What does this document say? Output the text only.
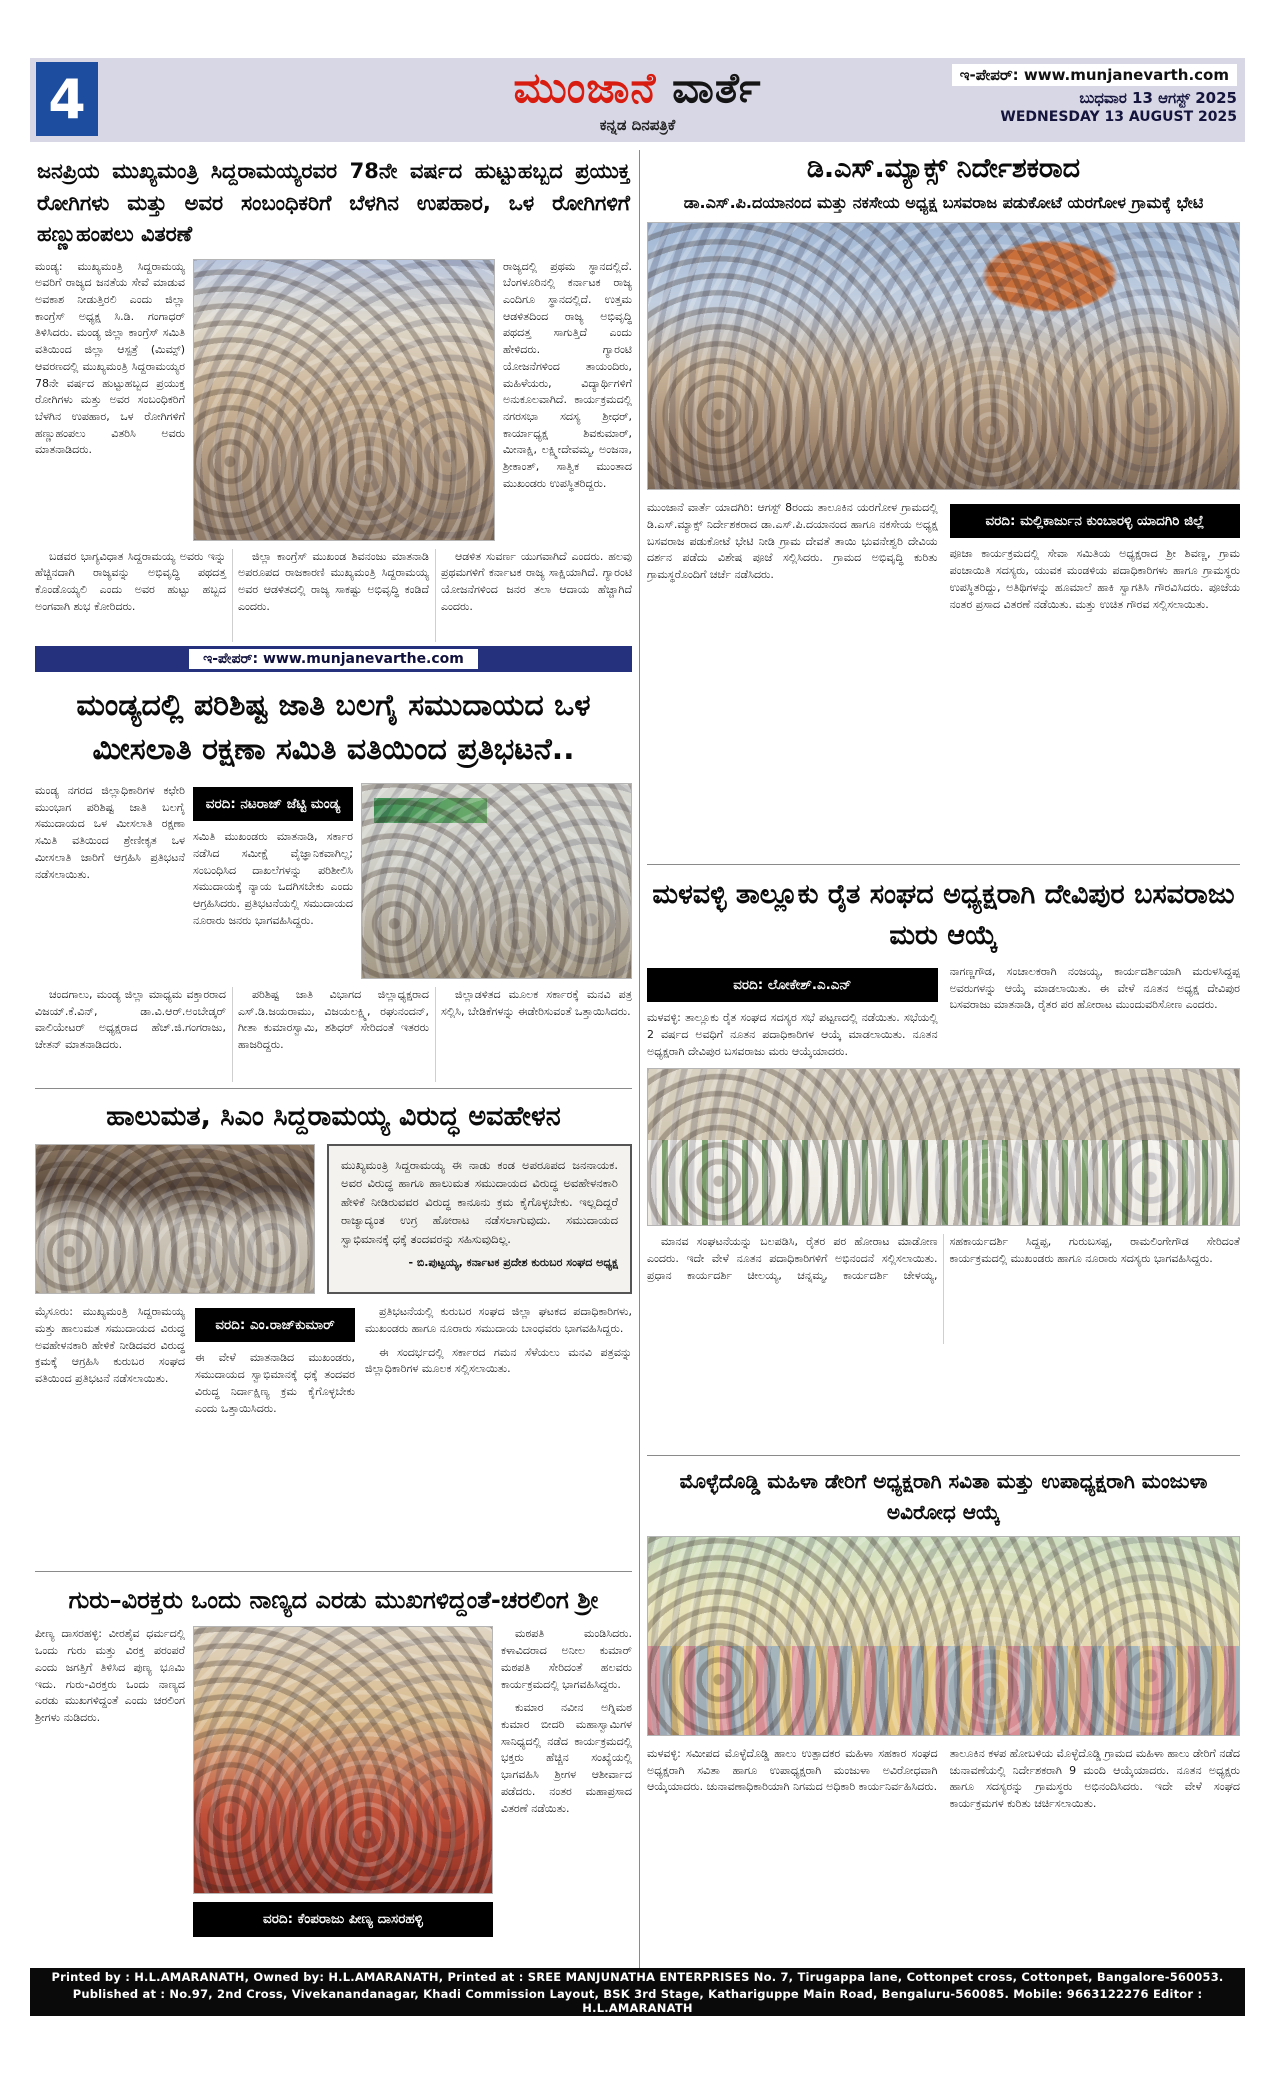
4	ಮುಂಜಾನೆ ವಾರ್ತೆ
ಕನ್ನಡ ದಿನಪತ್ರಿಕೆ
ಇ-ಪೇಪರ್: www.munjanevarth.com
ಬುಧವಾರ 13 ಆಗಸ್ಟ್ 2025
WEDNESDAY 13 AUGUST 2025
ಜನಪ್ರಿಯ ಮುಖ್ಯಮಂತ್ರಿ ಸಿದ್ದರಾಮಯ್ಯರವರ 78ನೇ ವರ್ಷದ ಹುಟ್ಟುಹಬ್ಬದ ಪ್ರಯುಕ್ತ ರೋಗಿಗಳು ಮತ್ತು ಅವರ ಸಂಬಂಧಿಕರಿಗೆ ಬೆಳಗಿನ ಉಪಹಾರ, ಒಳ ರೋಗಿಗಳಿಗೆ ಹಣ್ಣುಹಂಪಲು ವಿತರಣೆ
ಮಂಡ್ಯ: ಮುಖ್ಯಮಂತ್ರಿ ಸಿದ್ದರಾಮಯ್ಯ ಅವರಿಗೆ ರಾಜ್ಯದ ಜನತೆಯ ಸೇವೆ ಮಾಡುವ ಅವಕಾಶ ನೀಡುತ್ತಿರಲಿ ಎಂದು ಜಿಲ್ಲಾ ಕಾಂಗ್ರೆಸ್ ಅಧ್ಯಕ್ಷ ಸಿ.ಡಿ. ಗಂಗಾಧರ್ ತಿಳಿಸಿದರು. ಮಂಡ್ಯ ಜಿಲ್ಲಾ ಕಾಂಗ್ರೆಸ್ ಸಮಿತಿ ವತಿಯಿಂದ ಜಿಲ್ಲಾ ಆಸ್ಪತ್ರೆ (ಮಿಮ್ಸ್) ಆವರಣದಲ್ಲಿ ಮುಖ್ಯಮಂತ್ರಿ ಸಿದ್ದರಾಮಯ್ಯರ 78ನೇ ವರ್ಷದ ಹುಟ್ಟುಹಬ್ಬದ ಪ್ರಯುಕ್ತ ರೋಗಿಗಳು ಮತ್ತು ಅವರ ಸಂಬಂಧಿಕರಿಗೆ ಬೆಳಗಿನ ಉಪಹಾರ, ಒಳ ರೋಗಿಗಳಿಗೆ ಹಣ್ಣುಹಂಪಲು ವಿತರಿಸಿ ಅವರು ಮಾತನಾಡಿದರು.
ರಾಜ್ಯದಲ್ಲಿ ಪ್ರಥಮ ಸ್ಥಾನದಲ್ಲಿದೆ. ಬೆಂಗಳೂರಿನಲ್ಲಿ ಕರ್ನಾಟಕ ರಾಜ್ಯ ಎಂದಿಗೂ ಸ್ಥಾನದಲ್ಲಿದೆ. ಉತ್ತಮ ಆಡಳಿತದಿಂದ ರಾಜ್ಯ ಅಭಿವೃದ್ಧಿ ಪಥದತ್ತ ಸಾಗುತ್ತಿದೆ ಎಂದು ಹೇಳಿದರು. ಗ್ಯಾರಂಟಿ ಯೋಜನೆಗಳಿಂದ ತಾಯಂದಿರು, ಮಹಿಳೆಯರು, ವಿದ್ಯಾರ್ಥಿಗಳಿಗೆ ಅನುಕೂಲವಾಗಿದೆ. ಕಾರ್ಯಕ್ರಮದಲ್ಲಿ ನಗರಸಭಾ ಸದಸ್ಯ ಶ್ರೀಧರ್, ಕಾರ್ಯಾಧ್ಯಕ್ಷ ಶಿವಕುಮಾರ್, ಮೀನಾಕ್ಷಿ, ಲಕ್ಷ್ಮೀದೇವಮ್ಮ, ಅಂಜನಾ, ಶ್ರೀಕಾಂತ್, ಸಾತ್ವಿಕ ಮುಂತಾದ ಮುಖಂಡರು ಉಪಸ್ಥಿತರಿದ್ದರು.

ಬಡವರ ಭಾಗ್ಯವಿಧಾತ ಸಿದ್ದರಾಮಯ್ಯ ಅವರು ಇನ್ನು ಹೆಚ್ಚಿನದಾಗಿ ರಾಜ್ಯವನ್ನು ಅಭಿವೃದ್ಧಿ ಪಥದತ್ತ ಕೊಂಡೊಯ್ಯಲಿ ಎಂದು ಅವರ ಹುಟ್ಟು ಹಬ್ಬದ ಅಂಗವಾಗಿ ಶುಭ ಕೋರಿದರು.

ಜಿಲ್ಲಾ ಕಾಂಗ್ರೆಸ್ ಮುಖಂಡ ಶಿವನಂಜು ಮಾತನಾಡಿ ಅಪರೂಪದ ರಾಜಕಾರಣಿ ಮುಖ್ಯಮಂತ್ರಿ ಸಿದ್ದರಾಮಯ್ಯ ಅವರ ಆಡಳಿತದಲ್ಲಿ ರಾಜ್ಯ ಸಾಕಷ್ಟು ಅಭಿವೃದ್ಧಿ ಕಂಡಿದೆ ಎಂದರು.

ಆಡಳಿತ ಸುವರ್ಣ ಯುಗವಾಗಿದೆ ಎಂದರು. ಹಲವು ಪ್ರಥಮಗಳಿಗೆ ಕರ್ನಾಟಕ ರಾಜ್ಯ ಸಾಕ್ಷಿಯಾಗಿದೆ. ಗ್ಯಾರಂಟಿ ಯೋಜನೆಗಳಿಂದ ಜನರ ತಲಾ ಆದಾಯ ಹೆಚ್ಚಾಗಿದೆ ಎಂದರು.

ಇ-ಪೇಪರ್: www.munjanevarthe.com
ಮಂಡ್ಯದಲ್ಲಿ ಪರಿಶಿಷ್ಟ ಜಾತಿ ಬಲಗೈ ಸಮುದಾಯದ ಒಳ ಮೀಸಲಾತಿ ರಕ್ಷಣಾ ಸಮಿತಿ ವತಿಯಿಂದ ಪ್ರತಿಭಟನೆ..
ಮಂಡ್ಯ ನಗರದ ಜಿಲ್ಲಾಧಿಕಾರಿಗಳ ಕಛೇರಿ ಮುಂಭಾಗ ಪರಿಶಿಷ್ಟ ಜಾತಿ ಬಲಗೈ ಸಮುದಾಯದ ಒಳ ಮೀಸಲಾತಿ ರಕ್ಷಣಾ ಸಮಿತಿ ವತಿಯಿಂದ ಶ್ರೇಣೀಕೃತ ಒಳ ಮೀಸಲಾತಿ ಜಾರಿಗೆ ಆಗ್ರಹಿಸಿ ಪ್ರತಿಭಟನೆ ನಡೆಸಲಾಯಿತು.
ವರದಿ: ನಟರಾಜ್ ಜೆಟ್ಟಿ ಮಂಡ್ಯ
ಸಮಿತಿ ಮುಖಂಡರು ಮಾತನಾಡಿ, ಸರ್ಕಾರ ನಡೆಸಿದ ಸಮೀಕ್ಷೆ ವೈಜ್ಞಾನಿಕವಾಗಿಲ್ಲ; ಸಂಬಂಧಿಸಿದ ದಾಖಲೆಗಳನ್ನು ಪರಿಶೀಲಿಸಿ ಸಮುದಾಯಕ್ಕೆ ನ್ಯಾಯ ಒದಗಿಸಬೇಕು ಎಂದು ಆಗ್ರಹಿಸಿದರು. ಪ್ರತಿಭಟನೆಯಲ್ಲಿ ಸಮುದಾಯದ ನೂರಾರು ಜನರು ಭಾಗವಹಿಸಿದ್ದರು.

ಚಂದಗಾಲು, ಮಂಡ್ಯ ಜಿಲ್ಲಾ ಮಾಧ್ಯಮ ವಕ್ತಾರರಾದ ವಿಜಯ್.ಕೆ.ವಿನ್, ಡಾ.ವಿ.ಆರ್.ಅಂಬೇಡ್ಕರ್ ವಾಲಿಯೇಟರ್ ಅಧ್ಯಕ್ಷರಾದ ಹೆಚ್.ಜಿ.ಗಂಗರಾಜು, ಚೇತನ್ ಮಾತನಾಡಿದರು.

ಪರಿಶಿಷ್ಟ ಜಾತಿ ವಿಭಾಗದ ಜಿಲ್ಲಾಧ್ಯಕ್ಷರಾದ ಎಸ್.ಡಿ.ಜಯರಾಮು, ವಿಜಯಲಕ್ಷ್ಮಿ, ರಘುನಂದನ್, ಗೀತಾ ಕುಮಾರಸ್ವಾಮಿ, ಶಶಿಧರ್ ಸೇರಿದಂತೆ ಇತರರು ಹಾಜರಿದ್ದರು.

ಜಿಲ್ಲಾಡಳಿತದ ಮೂಲಕ ಸರ್ಕಾರಕ್ಕೆ ಮನವಿ ಪತ್ರ ಸಲ್ಲಿಸಿ, ಬೇಡಿಕೆಗಳನ್ನು ಈಡೇರಿಸುವಂತೆ ಒತ್ತಾಯಿಸಿದರು.

ಹಾಲುಮತ, ಸಿಎಂ ಸಿದ್ದರಾಮಯ್ಯ ವಿರುದ್ಧ ಅವಹೇಳನ
ಮುಖ್ಯಮಂತ್ರಿ ಸಿದ್ದರಾಮಯ್ಯ ಈ ನಾಡು ಕಂಡ ಅಪರೂಪದ ಜನನಾಯಕ. ಅವರ ವಿರುದ್ಧ ಹಾಗೂ ಹಾಲುಮತ ಸಮುದಾಯದ ವಿರುದ್ಧ ಅವಹೇಳನಕಾರಿ ಹೇಳಿಕೆ ನೀಡಿರುವವರ ವಿರುದ್ಧ ಕಾನೂನು ಕ್ರಮ ಕೈಗೊಳ್ಳಬೇಕು. ಇಲ್ಲದಿದ್ದರೆ ರಾಜ್ಯಾದ್ಯಂತ ಉಗ್ರ ಹೋರಾಟ ನಡೆಸಲಾಗುವುದು. ಸಮುದಾಯದ ಸ್ವಾಭಿಮಾನಕ್ಕೆ ಧಕ್ಕೆ ತಂದವರನ್ನು ಸಹಿಸುವುದಿಲ್ಲ.
- ಬಿ.ಪುಟ್ಟಯ್ಯ, ಕರ್ನಾಟಕ ಪ್ರದೇಶ ಕುರುಬರ ಸಂಘದ ಅಧ್ಯಕ್ಷ
ಮೈಸೂರು: ಮುಖ್ಯಮಂತ್ರಿ ಸಿದ್ದರಾಮಯ್ಯ ಮತ್ತು ಹಾಲುಮತ ಸಮುದಾಯದ ವಿರುದ್ಧ ಅವಹೇಳನಕಾರಿ ಹೇಳಿಕೆ ನೀಡಿದವರ ವಿರುದ್ಧ ಕ್ರಮಕ್ಕೆ ಆಗ್ರಹಿಸಿ ಕುರುಬರ ಸಂಘದ ವತಿಯಿಂದ ಪ್ರತಿಭಟನೆ ನಡೆಸಲಾಯಿತು.
ವರದಿ: ಎಂ.ರಾಜ್‌ಕುಮಾರ್
ಈ ವೇಳೆ ಮಾತನಾಡಿದ ಮುಖಂಡರು, ಸಮುದಾಯದ ಸ್ವಾಭಿಮಾನಕ್ಕೆ ಧಕ್ಕೆ ತಂದವರ ವಿರುದ್ಧ ನಿರ್ದಾಕ್ಷಿಣ್ಯ ಕ್ರಮ ಕೈಗೊಳ್ಳಬೇಕು ಎಂದು ಒತ್ತಾಯಿಸಿದರು.

ಪ್ರತಿಭಟನೆಯಲ್ಲಿ ಕುರುಬರ ಸಂಘದ ಜಿಲ್ಲಾ ಘಟಕದ ಪದಾಧಿಕಾರಿಗಳು, ಮುಖಂಡರು ಹಾಗೂ ನೂರಾರು ಸಮುದಾಯ ಬಾಂಧವರು ಭಾಗವಹಿಸಿದ್ದರು.

ಈ ಸಂದರ್ಭದಲ್ಲಿ ಸರ್ಕಾರದ ಗಮನ ಸೆಳೆಯಲು ಮನವಿ ಪತ್ರವನ್ನು ಜಿಲ್ಲಾಧಿಕಾರಿಗಳ ಮೂಲಕ ಸಲ್ಲಿಸಲಾಯಿತು.

ಗುರು–ವಿರಕ್ತರು ಒಂದು ನಾಣ್ಯದ ಎರಡು ಮುಖಗಳಿದ್ದಂತೆ-ಚರಲಿಂಗ ಶ್ರೀ
ಪೀಣ್ಯ ದಾಸರಹಳ್ಳಿ: ವೀರಶೈವ ಧರ್ಮದಲ್ಲಿ ಒಂದು ಗುರು ಮತ್ತು ವಿರಕ್ತ ಪರಂಪರೆ ಎಂದು ಜಗತ್ತಿಗೆ ತಿಳಿಸಿದ ಪುಣ್ಯ ಭೂಮಿ ಇದು. ಗುರು-ವಿರಕ್ತರು ಒಂದು ನಾಣ್ಯದ ಎರಡು ಮುಖಗಳಿದ್ದಂತೆ ಎಂದು ಚರಲಿಂಗ ಶ್ರೀಗಳು ನುಡಿದರು.
ವರದಿ: ಕೆಂಪರಾಜು ಪೀಣ್ಯ ದಾಸರಹಳ್ಳಿ

ಮಠಪತಿ ಮಂಡಿಸಿದರು. ಕಳಾವಿದರಾದ ಅನೀಲ ಕುಮಾರ್ ಮಠಪತಿ ಸೇರಿದಂತೆ ಹಲವರು ಕಾರ್ಯಕ್ರಮದಲ್ಲಿ ಭಾಗವಹಿಸಿದ್ದರು.

ಕುಮಾರ ನವೀನ ಅಗ್ನಿಮಠ ಕುಮಾರ ಬೀದರಿ ಮಹಾಸ್ವಾಮಿಗಳ ಸಾನಿಧ್ಯದಲ್ಲಿ ನಡೆದ ಕಾರ್ಯಕ್ರಮದಲ್ಲಿ ಭಕ್ತರು ಹೆಚ್ಚಿನ ಸಂಖ್ಯೆಯಲ್ಲಿ ಭಾಗವಹಿಸಿ ಶ್ರೀಗಳ ಆಶೀರ್ವಾದ ಪಡೆದರು. ನಂತರ ಮಹಾಪ್ರಸಾದ ವಿತರಣೆ ನಡೆಯಿತು.

ಡಿ.ಎಸ್.ಮ್ಯಾಕ್ಸ್ ನಿರ್ದೇಶಕರಾದ
ಡಾ.ಎಸ್.ಪಿ.ದಯಾನಂದ ಮತ್ತು ನಕಸೇಯ ಅಧ್ಯಕ್ಷ ಬಸವರಾಜ ಪಡುಕೋಟೆ ಯರಗೋಳ ಗ್ರಾಮಕ್ಕೆ ಭೇಟಿ
ಮುಂಜಾನೆ ವಾರ್ತೆ ಯಾದಗಿರಿ: ಆಗಸ್ಟ್ 8ರಂದು ತಾಲೂಕಿನ ಯರಗೋಳ ಗ್ರಾಮದಲ್ಲಿ ಡಿ.ಎಸ್.ಮ್ಯಾಕ್ಸ್ ನಿರ್ದೇಶಕರಾದ ಡಾ.ಎಸ್.ಪಿ.ದಯಾನಂದ ಹಾಗೂ ನಕಸೇಯ ಅಧ್ಯಕ್ಷ ಬಸವರಾಜ ಪಡುಕೋಟೆ ಭೇಟಿ ನೀಡಿ ಗ್ರಾಮ ದೇವತೆ ತಾಯಿ ಭುವನೇಶ್ವರಿ ದೇವಿಯ ದರ್ಶನ ಪಡೆದು ವಿಶೇಷ ಪೂಜೆ ಸಲ್ಲಿಸಿದರು. ಗ್ರಾಮದ ಅಭಿವೃದ್ಧಿ ಕುರಿತು ಗ್ರಾಮಸ್ಥರೊಂದಿಗೆ ಚರ್ಚೆ ನಡೆಸಿದರು.
ವರದಿ: ಮಲ್ಲಿಕಾರ್ಜುನ ಕುಂಬಾರಳ್ಳಿ ಯಾದಗಿರಿ ಜಿಲ್ಲೆ
ಪೂಜಾ ಕಾರ್ಯಕ್ರಮದಲ್ಲಿ ಸೇವಾ ಸಮಿತಿಯ ಅಧ್ಯಕ್ಷರಾದ ಶ್ರೀ ಶಿವಣ್ಣ, ಗ್ರಾಮ ಪಂಚಾಯಿತಿ ಸದಸ್ಯರು, ಯುವಕ ಮಂಡಳಿಯ ಪದಾಧಿಕಾರಿಗಳು ಹಾಗೂ ಗ್ರಾಮಸ್ಥರು ಉಪಸ್ಥಿತರಿದ್ದು, ಅತಿಥಿಗಳನ್ನು ಹೂಮಾಲೆ ಹಾಕಿ ಸ್ವಾಗತಿಸಿ ಗೌರವಿಸಿದರು. ಪೂಜೆಯ ನಂತರ ಪ್ರಸಾದ ವಿತರಣೆ ನಡೆಯಿತು. ಮತ್ತು ಉಚಿತ ಗೌರವ ಸಲ್ಲಿಸಲಾಯಿತು.
ಮಳವಳ್ಳಿ ತಾಲ್ಲೂಕು ರೈತ ಸಂಘದ ಅಧ್ಯಕ್ಷರಾಗಿ ದೇವಿಪುರ ಬಸವರಾಜು ಮರು ಆಯ್ಕೆ
ವರದಿ: ಲೋಕೇಶ್.ಎ.ಎನ್
ಮಳವಳ್ಳಿ: ತಾಲ್ಲೂಕು ರೈತ ಸಂಘದ ಸದಸ್ಯರ ಸಭೆ ಪಟ್ಟಣದಲ್ಲಿ ನಡೆಯಿತು. ಸಭೆಯಲ್ಲಿ 2 ವರ್ಷದ ಅವಧಿಗೆ ನೂತನ ಪದಾಧಿಕಾರಿಗಳ ಆಯ್ಕೆ ಮಾಡಲಾಯಿತು. ನೂತನ ಅಧ್ಯಕ್ಷರಾಗಿ ದೇವಿಪುರ ಬಸವರಾಜು ಮರು ಆಯ್ಕೆಯಾದರು.
ನಾಗಣ್ಣಗೌಡ, ಸಂಚಾಲಕರಾಗಿ ನಂಜಯ್ಯ, ಕಾರ್ಯದರ್ಶಿಯಾಗಿ ಮರುಳಸಿದ್ದಪ್ಪ ಅವರುಗಳನ್ನು ಆಯ್ಕೆ ಮಾಡಲಾಯಿತು. ಈ ವೇಳೆ ನೂತನ ಅಧ್ಯಕ್ಷ ದೇವಿಪುರ ಬಸವರಾಜು ಮಾತನಾಡಿ, ರೈತರ ಪರ ಹೋರಾಟ ಮುಂದುವರಿಸೋಣ ಎಂದರು.

ಮಾನವ ಸಂಘಟನೆಯನ್ನು ಬಲಪಡಿಸಿ, ರೈತರ ಪರ ಹೋರಾಟ ಮಾಡೋಣ ಎಂದರು. ಇದೇ ವೇಳೆ ನೂತನ ಪದಾಧಿಕಾರಿಗಳಿಗೆ ಅಭಿನಂದನೆ ಸಲ್ಲಿಸಲಾಯಿತು. ಪ್ರಧಾನ ಕಾರ್ಯದರ್ಶಿ ಚೀಲಯ್ಯ, ಚನ್ನಮ್ಮ, ಕಾರ್ಯದರ್ಶಿ ಚೇಳಯ್ಯ, ಸಹಕಾರ್ಯದರ್ಶಿ ಸಿದ್ದಪ್ಪ, ಗುರುಬಸಪ್ಪ, ರಾಮಲಿಂಗೇಗೌಡ ಸೇರಿದಂತೆ ಕಾರ್ಯಕ್ರಮದಲ್ಲಿ ಮುಖಂಡರು ಹಾಗೂ ನೂರಾರು ಸದಸ್ಯರು ಭಾಗವಹಿಸಿದ್ದರು.

ಮೊಳ್ಳೆದೊಡ್ಡಿ ಮಹಿಳಾ ಡೇರಿಗೆ ಅಧ್ಯಕ್ಷರಾಗಿ ಸವಿತಾ ಮತ್ತು ಉಪಾಧ್ಯಕ್ಷರಾಗಿ ಮಂಜುಳಾ ಅವಿರೋಧ ಆಯ್ಕೆ
ಮಳವಳ್ಳಿ: ಸಮೀಪದ ಮೊಳ್ಳೆದೊಡ್ಡಿ ಹಾಲು ಉತ್ಪಾದಕರ ಮಹಿಳಾ ಸಹಕಾರ ಸಂಘದ ಅಧ್ಯಕ್ಷರಾಗಿ ಸವಿತಾ ಹಾಗೂ ಉಪಾಧ್ಯಕ್ಷರಾಗಿ ಮಂಜುಳಾ ಅವಿರೋಧವಾಗಿ ಆಯ್ಕೆಯಾದರು. ಚುನಾವಣಾಧಿಕಾರಿಯಾಗಿ ನಿಗಮದ ಅಧಿಕಾರಿ ಕಾರ್ಯನಿರ್ವಹಿಸಿದರು.
ತಾಲೂಕಿನ ಕಳಪ ಹೋಬಳಿಯ ಮೊಳ್ಳೆದೊಡ್ಡಿ ಗ್ರಾಮದ ಮಹಿಳಾ ಹಾಲು ಡೇರಿಗೆ ನಡೆದ ಚುನಾವಣೆಯಲ್ಲಿ ನಿರ್ದೇಶಕರಾಗಿ 9 ಮಂದಿ ಆಯ್ಕೆಯಾದರು. ನೂತನ ಅಧ್ಯಕ್ಷರು ಹಾಗೂ ಸದಸ್ಯರನ್ನು ಗ್ರಾಮಸ್ಥರು ಅಭಿನಂದಿಸಿದರು. ಇದೇ ವೇಳೆ ಸಂಘದ ಕಾರ್ಯಕ್ರಮಗಳ ಕುರಿತು ಚರ್ಚಿಸಲಾಯಿತು.
Printed by : H.L.AMARANATH, Owned by: H.L.AMARANATH, Printed at : SREE MANJUNATHA ENTERPRISES No. 7, Tirugappa lane, Cottonpet cross, Cottonpet, Bangalore-560053.
Published at : No.97, 2nd Cross, Vivekanandanagar, Khadi Commission Layout, BSK 3rd Stage, Kathariguppe Main Road, Bengaluru-560085. Mobile: 9663122276 Editor : H.L.AMARANATH
